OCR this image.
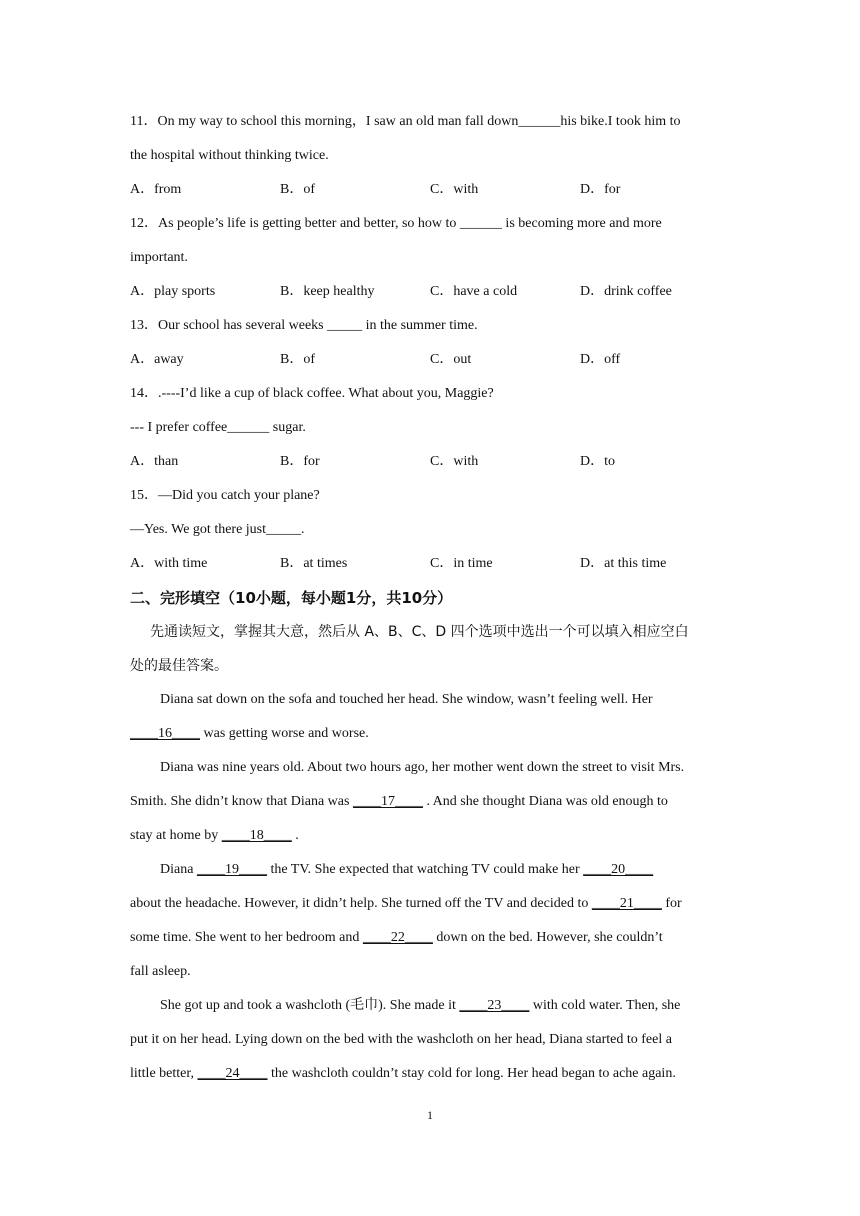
11．On my way to school this morning，I saw an old man fall down______his bike.I took him to
the hospital without thinking twice.
A．from	B．of	C．with	D．for
12．As people’s life is getting better and better, so how to ______ is becoming more and more
important.
A．play sports	B．keep healthy	C．have a cold	D．drink coffee
13．Our school has several weeks _____ in the summer time.
A．away	B．of	C．out	D．off
14．.----I’d like a cup of black coffee. What about you, Maggie?
--- I prefer coffee______ sugar.
A．than	B．for	C．with	D．to
15．—Did you catch your plane?
—Yes. We got there just_____.
A．with time	B．at times	C．in time	D．at this time
二、完形填空（10小题，每小题1分，共10分）
先通读短文，掌握其大意，然后从 A、B、C、D 四个选项中选出一个可以填入相应空白
处的最佳答案。
Diana sat down on the sofa and touched her head. She window, wasn’t feeling well. Her
____16____ was getting worse and worse.
Diana was nine years old. About two hours ago, her mother went down the street to visit Mrs.
Smith. She didn’t know that Diana was ____17____ . And she thought Diana was old enough to
stay at home by ____18____ .
Diana ____19____ the TV. She expected that watching TV could make her ____20____
about the headache. However, it didn’t help. She turned off the TV and decided to ____21____ for
some time. She went to her bedroom and ____22____ down on the bed. However, she couldn’t
fall asleep.
She got up and took a washcloth (毛巾). She made it ____23____ with cold water. Then, she
put it on her head. Lying down on the bed with the washcloth on her head, Diana started to feel a
little better, ____24____ the washcloth couldn’t stay cold for long. Her head began to ache again.
1
